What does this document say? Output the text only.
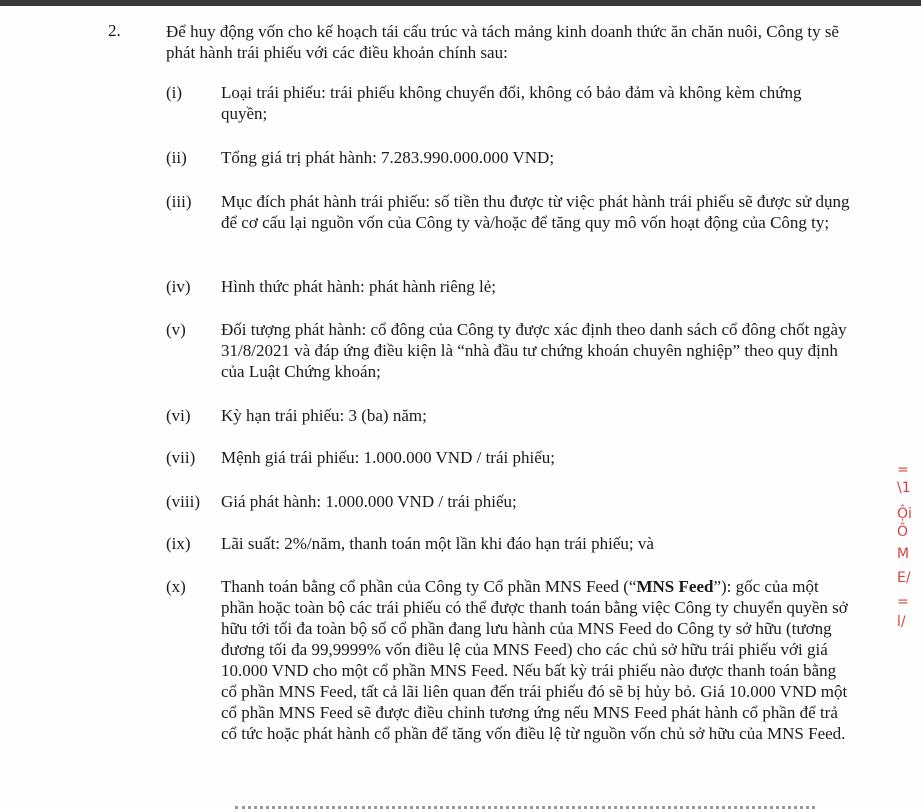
2.	Để huy động vốn cho kế hoạch tái cấu trúc và tách mảng kinh doanh thức ăn chăn nuôi, Công ty sẽ phát hành trái phiếu với các điều khoản chính sau:
(i) Loại trái phiếu: trái phiếu không chuyển đổi, không có bảo đảm và không kèm chứng quyền;
(ii) Tổng giá trị phát hành: 7.283.990.000.000 VND;
(iii) Mục đích phát hành trái phiếu: số tiền thu được từ việc phát hành trái phiếu sẽ được sử dụng để cơ cấu lại nguồn vốn của Công ty và/hoặc để tăng quy mô vốn hoạt động của Công ty;
(iv) Hình thức phát hành: phát hành riêng lẻ;
(v) Đối tượng phát hành: cổ đông của Công ty được xác định theo danh sách cổ đông chốt ngày 31/8/2021 và đáp ứng điều kiện là “nhà đầu tư chứng khoán chuyên nghiệp” theo quy định của Luật Chứng khoán;
(vi) Kỳ hạn trái phiếu: 3 (ba) năm;
(vii) Mệnh giá trái phiếu: 1.000.000 VND / trái phiếu;
(viii) Giá phát hành: 1.000.000 VND / trái phiếu;
(ix) Lãi suất: 2%/năm, thanh toán một lần khi đáo hạn trái phiếu; và
(x) Thanh toán bằng cổ phần của Công ty Cổ phần MNS Feed (“MNS Feed”): gốc của một phần hoặc toàn bộ các trái phiếu có thể được thanh toán bằng việc Công ty chuyển quyền sở hữu tới tối đa toàn bộ số cổ phần đang lưu hành của MNS Feed do Công ty sở hữu (tương đương tối đa 99,9999% vốn điều lệ của MNS Feed) cho các chủ sở hữu trái phiếu với giá 10.000 VND cho một cổ phần MNS Feed. Nếu bất kỳ trái phiếu nào được thanh toán bằng cổ phần MNS Feed, tất cả lãi liên quan đến trái phiếu đó sẽ bị hủy bỏ. Giá 10.000 VND một cổ phần MNS Feed sẽ được điều chỉnh tương ứng nếu MNS Feed phát hành cổ phần để trả cổ tức hoặc phát hành cổ phần để tăng vốn điều lệ từ nguồn vốn chủ sở hữu của MNS Feed.
=
\1
Ội
Ô
M
E/
=
l/
